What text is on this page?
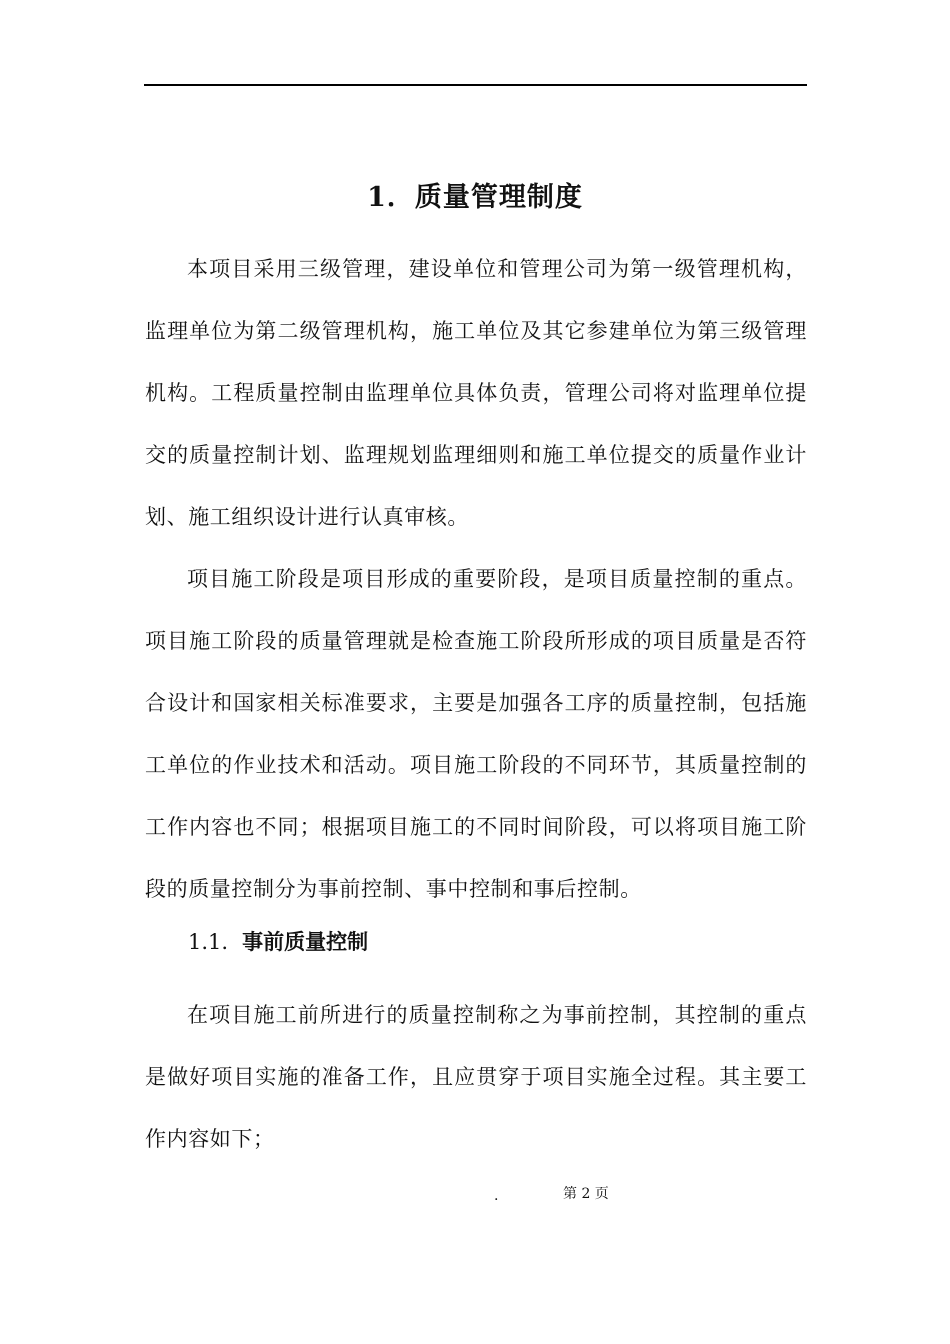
1．质量管理制度

本项目采用三级管理，建设单位和管理公司为第一级管理机构，监理单位为第二级管理机构，施工单位及其它参建单位为第三级管理机构。工程质量控制由监理单位具体负责，管理公司将对监理单位提交的质量控制计划、监理规划监理细则和施工单位提交的质量作业计划、施工组织设计进行认真审核。

项目施工阶段是项目形成的重要阶段，是项目质量控制的重点。项目施工阶段的质量管理就是检查施工阶段所形成的项目质量是否符合设计和国家相关标准要求，主要是加强各工序的质量控制，包括施工单位的作业技术和活动。项目施工阶段的不同环节，其质量控制的工作内容也不同；根据项目施工的不同时间阶段，可以将项目施工阶段的质量控制分为事前控制、事中控制和事后控制。

1.1. 事前质量控制

在项目施工前所进行的质量控制称之为事前控制，其控制的重点是做好项目实施的准备工作，且应贯穿于项目实施全过程。其主要工作内容如下；

.	第 2 页
